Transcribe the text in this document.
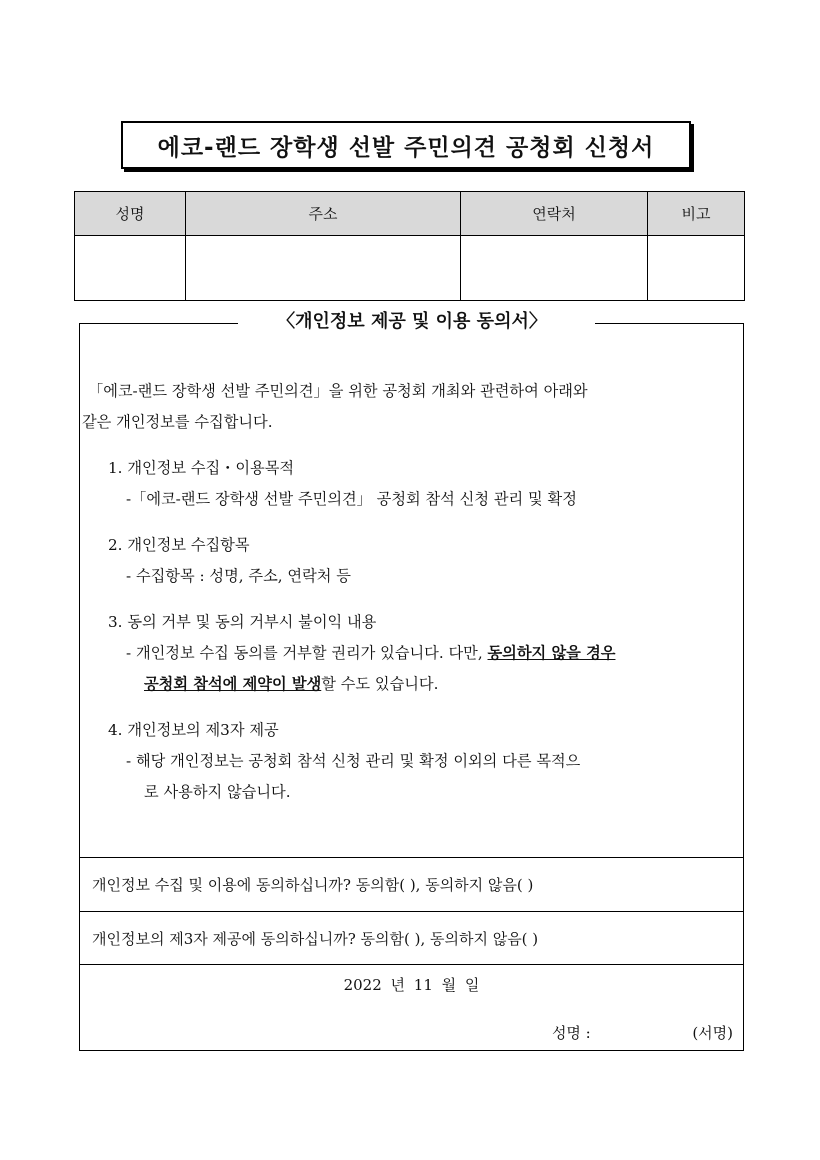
에코-랜드 장학생 선발 주민의견 공청회 신청서
성명	주소	연락처	비고

〈개인정보 제공 및 이용 동의서〉
개인정보 수집 및 이용에 동의하십니까? 동의함( ), 동의하지 않음( )
개인정보의 제3자 제공에 동의하십니까? 동의함( ), 동의하지 않음( )
2022 년 11 월 일
성명 :	(서명)

「에코-랜드 장학생 선발 주민의견」을 위한 공청회 개최와 관련하여 아래와

같은 개인정보를 수집합니다.

1. 개인정보 수집・이용목적

-「에코-랜드 장학생 선발 주민의견」 공청회 참석 신청 관리 및 확정

2. 개인정보 수집항목

- 수집항목 : 성명, 주소, 연락처 등

3. 동의 거부 및 동의 거부시 불이익 내용

- 개인정보 수집 동의를 거부할 권리가 있습니다. 다만, 동의하지 않을 경우

공청회 참석에 제약이 발생할 수도 있습니다.

4. 개인정보의 제3자 제공

- 해당 개인정보는 공청회 참석 신청 관리 및 확정 이외의 다른 목적으

로 사용하지 않습니다.
